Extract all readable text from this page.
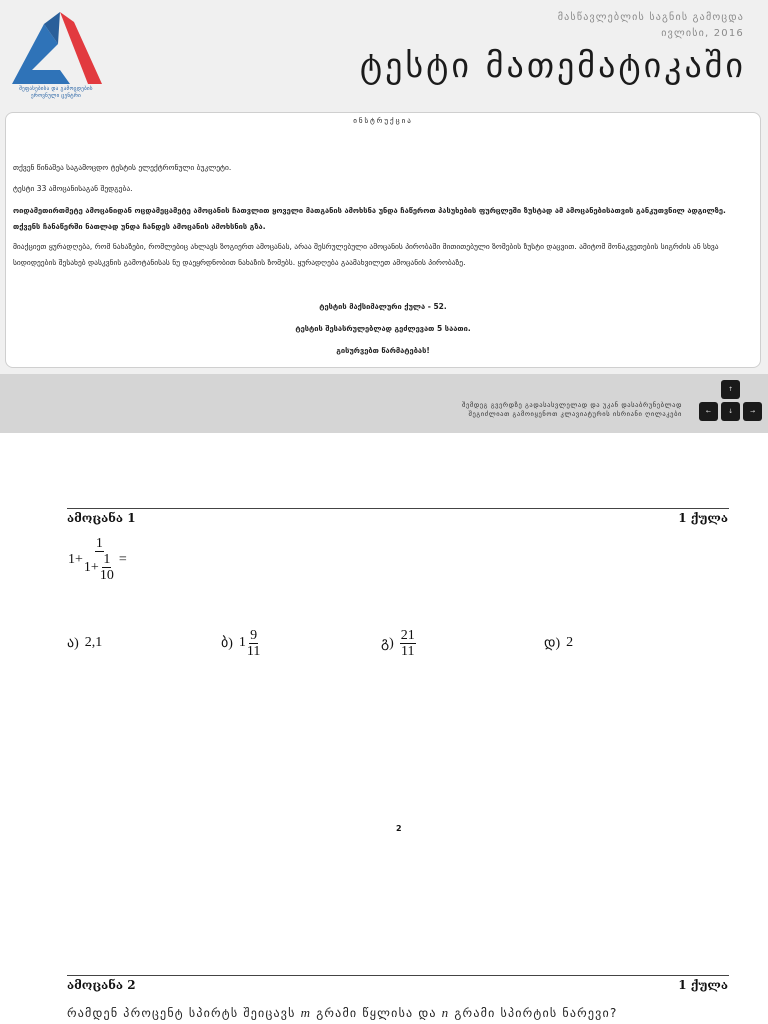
შეფასებისა და გამოცდების
ეროვნული ცენტრი
მასწავლებლის საგნის გამოცდა
ივლისი, 2016
ტესტი მათემატიკაში
ინსტრუქცია

თქვენ წინაშეა საგამოცდო ტესტის ელექტრონული ბუკლეტი.

ტესტი 33 ამოცანისაგან შედგება.

ოიდამეთირთმეტე ამოცანიდან ოცდამეცამეტე ამოცანის ჩათვლით ყოველი მათგანის ამოხსნა უნდა ჩაწეროთ პასუხების ფურცლეში ზუსტად ამ ამოცანებისათვის განკუთვნილ ადგილზე. თქვენს ჩანაწერში ნათლად უნდა ჩანდეს ამოცანის ამოხსნის გზა.

მიაქციეთ ყურადღება, რომ ნახაზები, რომლებიც ახლავს ზოგიერთ ამოცანას, არაა შესრულებული ამოცანის პირობაში მითითებული ზომების ზუსტი დაცვით. ამიტომ მონაკვეთების სიგრძის ან სხვა სიდიდეების შესახებ დასკვნის გამოტანისას ნუ დაეყრდნობით ნახაზის ზომებს. ყურადღება გაამახვილეთ ამოცანის პირობაზე.

ტესტის მაქსიმალური ქულა - 52.

ტესტის შესასრულებლად გეძლევათ 5 საათი.

გისურვებთ წარმატებას!

შემდეგ გვერდზე გადასასვლელად და უკან დასაბრუნებლად
შეგიძლიათ გამოიყენოთ კლავიატურის ისრიანი ღილაკები
↑
←	↓	→
ამოცანა 1	1 ქულა
$1 + \frac{1}{1 + \frac{1}{10}}$ =
ა) 2,1	ბ) $1 \frac{9}{11}$	გ) $\frac{21}{11}$	დ) 2
2
ამოცანა 2	1 ქულა
რამდენ პროცენტ სპირტს შეიცავს m გრამი წყლისა და n გრამი სპირტის ნარევი?
